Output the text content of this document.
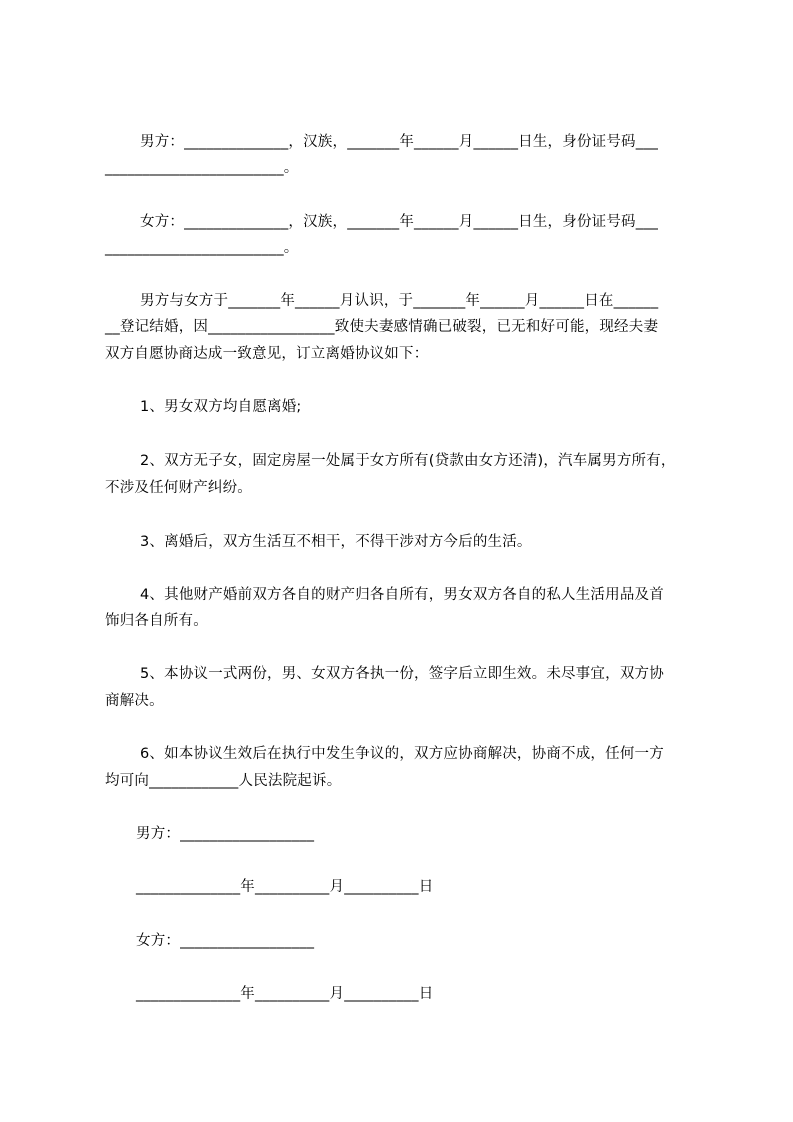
男方：______________，汉族，_______年______月______日生，身份证号码___
________________________。
女方：______________，汉族，_______年______月______日生，身份证号码___
________________________。
男方与女方于_______年______月认识，于_______年______月______日在______
__登记结婚，因_________________致使夫妻感情确已破裂，已无和好可能，现经夫妻
双方自愿协商达成一致意见，订立离婚协议如下：
1、男女双方均自愿离婚;
2、双方无子女，固定房屋一处属于女方所有(贷款由女方还清)，汽车属男方所有，
不涉及任何财产纠纷。
3、离婚后，双方生活互不相干，不得干涉对方今后的生活。
4、其他财产婚前双方各自的财产归各自所有，男女双方各自的私人生活用品及首
饰归各自所有。
5、本协议一式两份，男、女双方各执一份，签字后立即生效。未尽事宜，双方协
商解决。
6、如本协议生效后在执行中发生争议的，双方应协商解决，协商不成，任何一方
均可向____________人民法院起诉。
男方：__________________
______________年__________月__________日
女方：__________________
______________年__________月__________日
